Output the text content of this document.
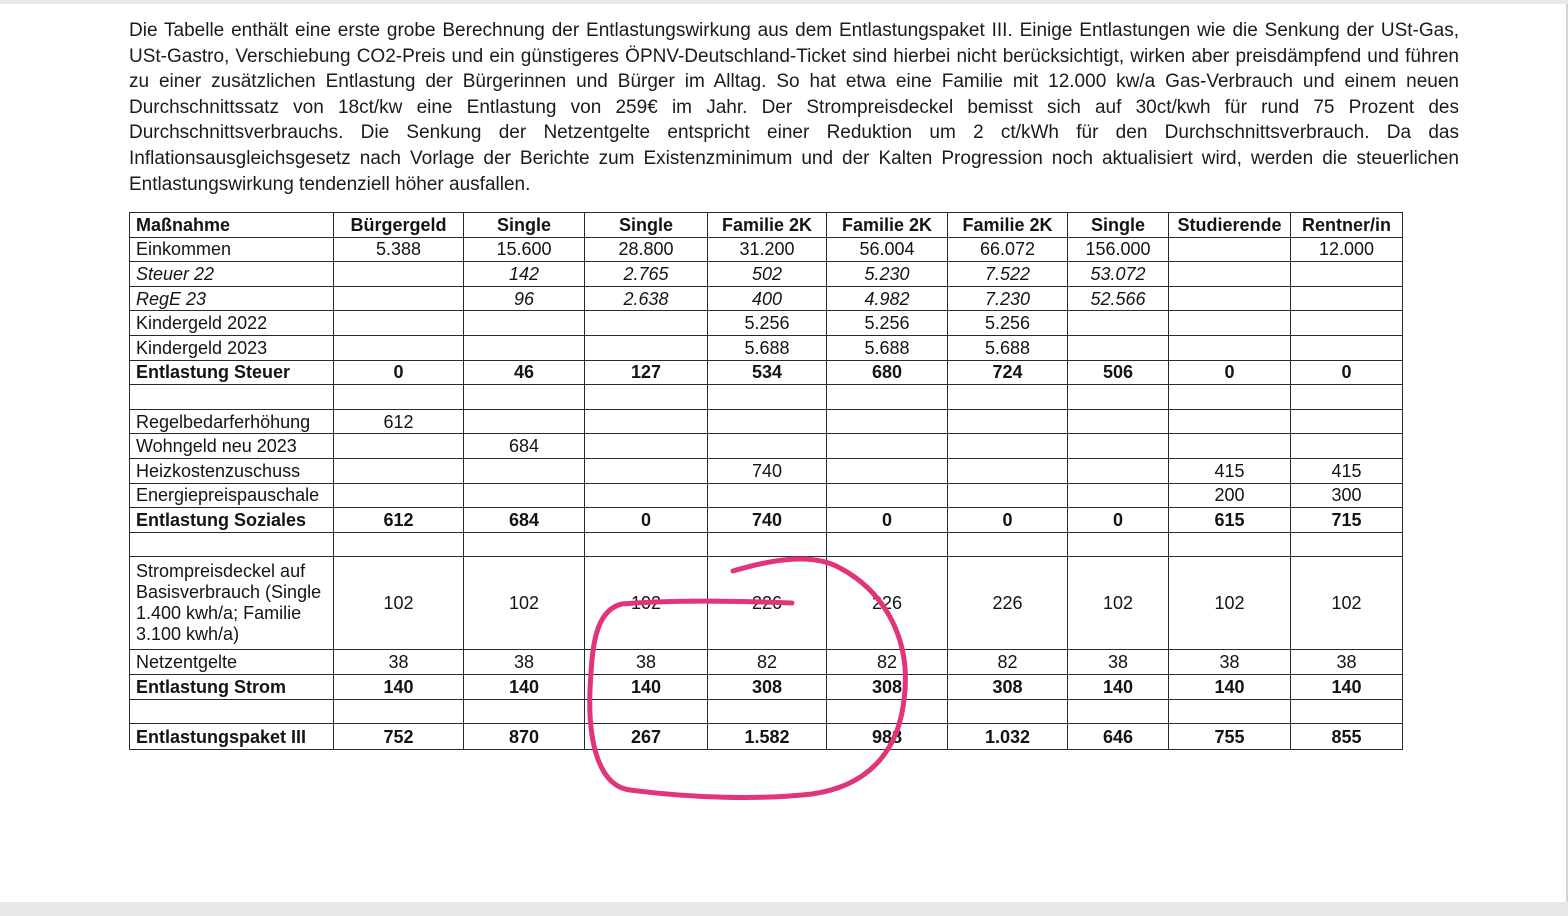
Die Tabelle enthält eine erste grobe Berechnung der Entlastungswirkung aus dem Entlastungspaket III. Einige Entlastungen wie die Senkung der USt-Gas, USt-Gastro, Verschiebung CO2-Preis und ein günstigeres ÖPNV-Deutschland-Ticket sind hierbei nicht berücksichtigt, wirken aber preisdämpfend und führen zu einer zusätzlichen Entlastung der Bürgerinnen und Bürger im Alltag. So hat etwa eine Familie mit 12.000 kw/a Gas-Verbrauch und einem neuen Durchschnittssatz von 18ct/kw eine Entlastung von 259€ im Jahr. Der Strompreisdeckel bemisst sich auf 30ct/kwh für rund 75 Prozent des Durchschnittsverbrauchs. Die Senkung der Netzentgelte entspricht einer Reduktion um 2 ct/kWh für den Durchschnittsverbrauch. Da das Inflationsausgleichsgesetz nach Vorlage der Berichte zum Existenzminimum und der Kalten Progression noch aktualisiert wird, werden die steuerlichen Entlastungswirkung tendenziell höher ausfallen.

Maßnahme	Bürgergeld	Single	Single	Familie 2K	Familie 2K	Familie 2K	Single	Studierende	Rentner/in
Einkommen	5.388	15.600	28.800	31.200	56.004	66.072	156.000		12.000
Steuer 22		142	2.765	502	5.230	7.522	53.072		
RegE 23		96	2.638	400	4.982	7.230	52.566		
Kindergeld 2022				5.256	5.256	5.256			
Kindergeld 2023				5.688	5.688	5.688			
Entlastung Steuer	0	46	127	534	680	724	506	0	0

Regelbedarferhöhung	612								
Wohngeld neu 2023		684							
Heizkostenzuschuss				740				415	415
Energiepreispauschale								200	300
Entlastung Soziales	612	684	0	740	0	0	0	615	715

Strompreisdeckel auf Basisverbrauch (Single 1.400 kwh/a; Familie 3.100 kwh/a)	102	102	102	226	226	226	102	102	102
Netzentgelte	38	38	38	82	82	82	38	38	38
Entlastung Strom	140	140	140	308	308	308	140	140	140

Entlastungspaket III	752	870	267	1.582	988	1.032	646	755	855
